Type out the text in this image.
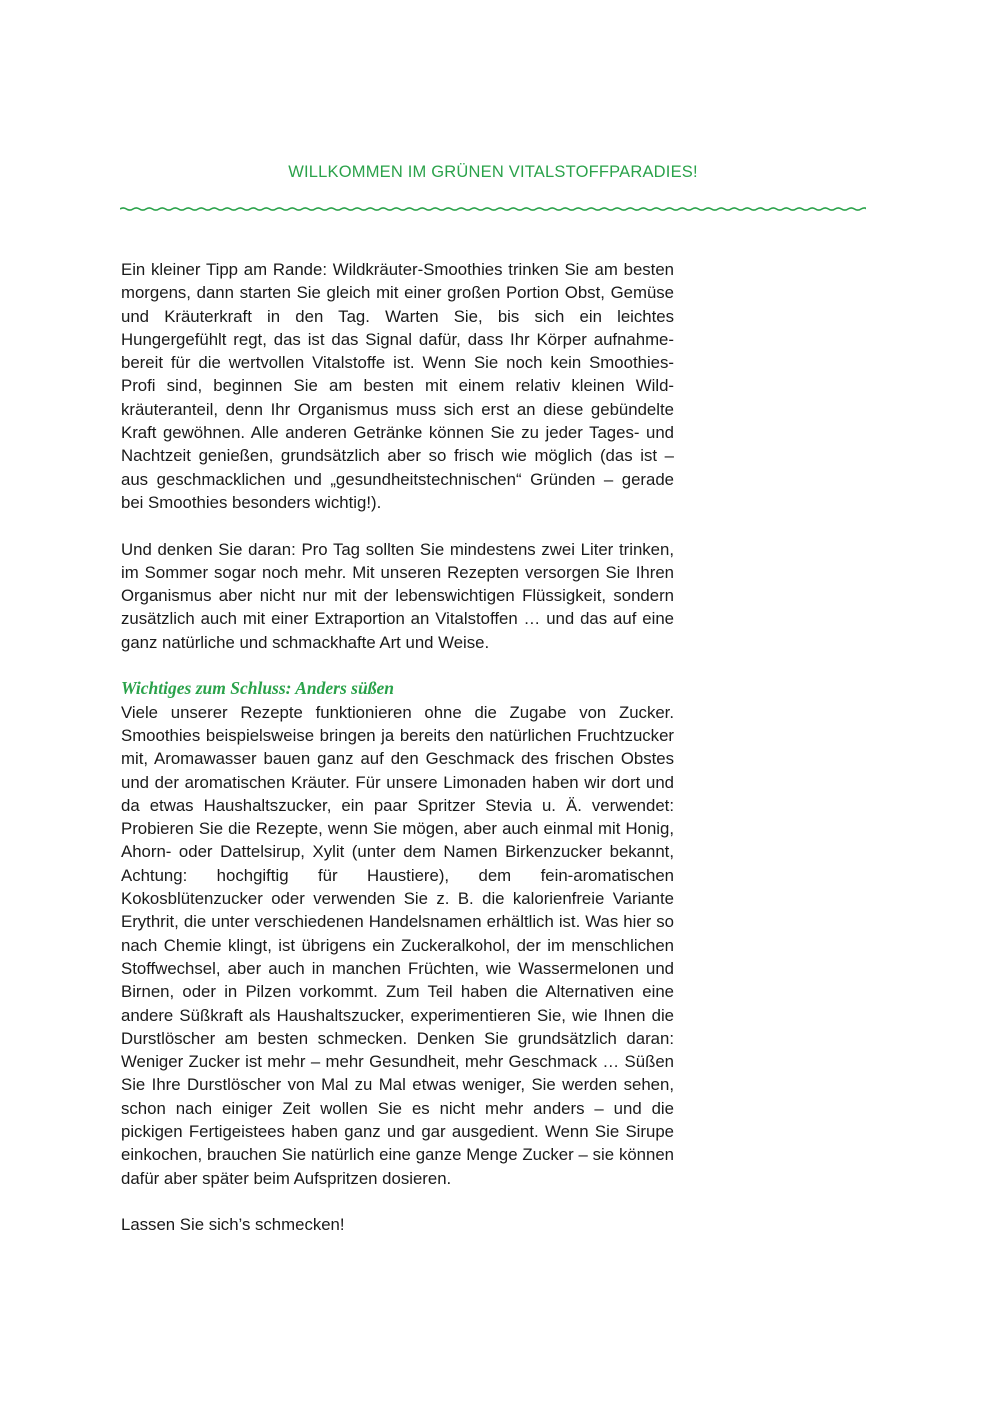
WILLKOMMEN IM GRÜNEN VITALSTOFFPARADIES!

Ein kleiner Tipp am Rande: Wildkräuter-Smoothies trinken Sie am besten morgens, dann starten Sie gleich mit einer großen Portion Obst, Gemüse und Kräuterkraft in den Tag. Warten Sie, bis sich ein leichtes Hungergefühlt regt, das ist das Signal dafür, dass Ihr Körper aufnahmebereit für die wertvollen Vitalstoffe ist. Wenn Sie noch kein Smoothies-Profi sind, beginnen Sie am besten mit einem relativ kleinen Wildkräuteranteil, denn Ihr Organismus muss sich erst an diese gebündelte Kraft gewöhnen. Alle anderen Getränke können Sie zu jeder Tages- und Nachtzeit genießen, grundsätzlich aber so frisch wie möglich (das ist – aus geschmacklichen und „gesundheitstechnischen“ Gründen – gerade bei Smoothies besonders wichtig!).

Und denken Sie daran: Pro Tag sollten Sie mindestens zwei Liter trinken, im Sommer sogar noch mehr. Mit unseren Rezepten versorgen Sie Ihren Organismus aber nicht nur mit der lebenswichtigen Flüssigkeit, sondern zusätzlich auch mit einer Extraportion an Vitalstoffen … und das auf eine ganz natürliche und schmackhafte Art und Weise.

Wichtiges zum Schluss: Anders süßen

Viele unserer Rezepte funktionieren ohne die Zugabe von Zucker. Smoothies beispielsweise bringen ja bereits den natürlichen Fruchtzucker mit, Aromawasser bauen ganz auf den Geschmack des frischen Obstes und der aromatischen Kräuter. Für unsere Limonaden haben wir dort und da etwas Haushaltszucker, ein paar Spritzer Stevia u. Ä. verwendet: Probieren Sie die Rezepte, wenn Sie mögen, aber auch einmal mit Honig, Ahorn- oder Dattelsirup, Xylit (unter dem Namen Birkenzucker bekannt, Achtung: hochgiftig für Haustiere), dem fein-aromatischen Kokosblütenzucker oder verwenden Sie z. B. die kalorienfreie Variante Erythrit, die unter verschiedenen Handelsnamen erhältlich ist. Was hier so nach Chemie klingt, ist übrigens ein Zuckeralkohol, der im menschlichen Stoffwechsel, aber auch in manchen Früchten, wie Wassermelonen und Birnen, oder in Pilzen vorkommt. Zum Teil haben die Alternativen eine andere Süßkraft als Haushaltszucker, experimentieren Sie, wie Ihnen die Durstlöscher am besten schmecken. Denken Sie grundsätzlich daran: Weniger Zucker ist mehr – mehr Gesundheit, mehr Geschmack … Süßen Sie Ihre Durstlöscher von Mal zu Mal etwas weniger, Sie werden sehen, schon nach einiger Zeit wollen Sie es nicht mehr anders – und die pickigen Fertigeistees haben ganz und gar ausgedient. Wenn Sie Sirupe einkochen, brauchen Sie natürlich eine ganze Menge Zucker – sie können dafür aber später beim Aufspritzen dosieren.

Lassen Sie sich’s schmecken!
